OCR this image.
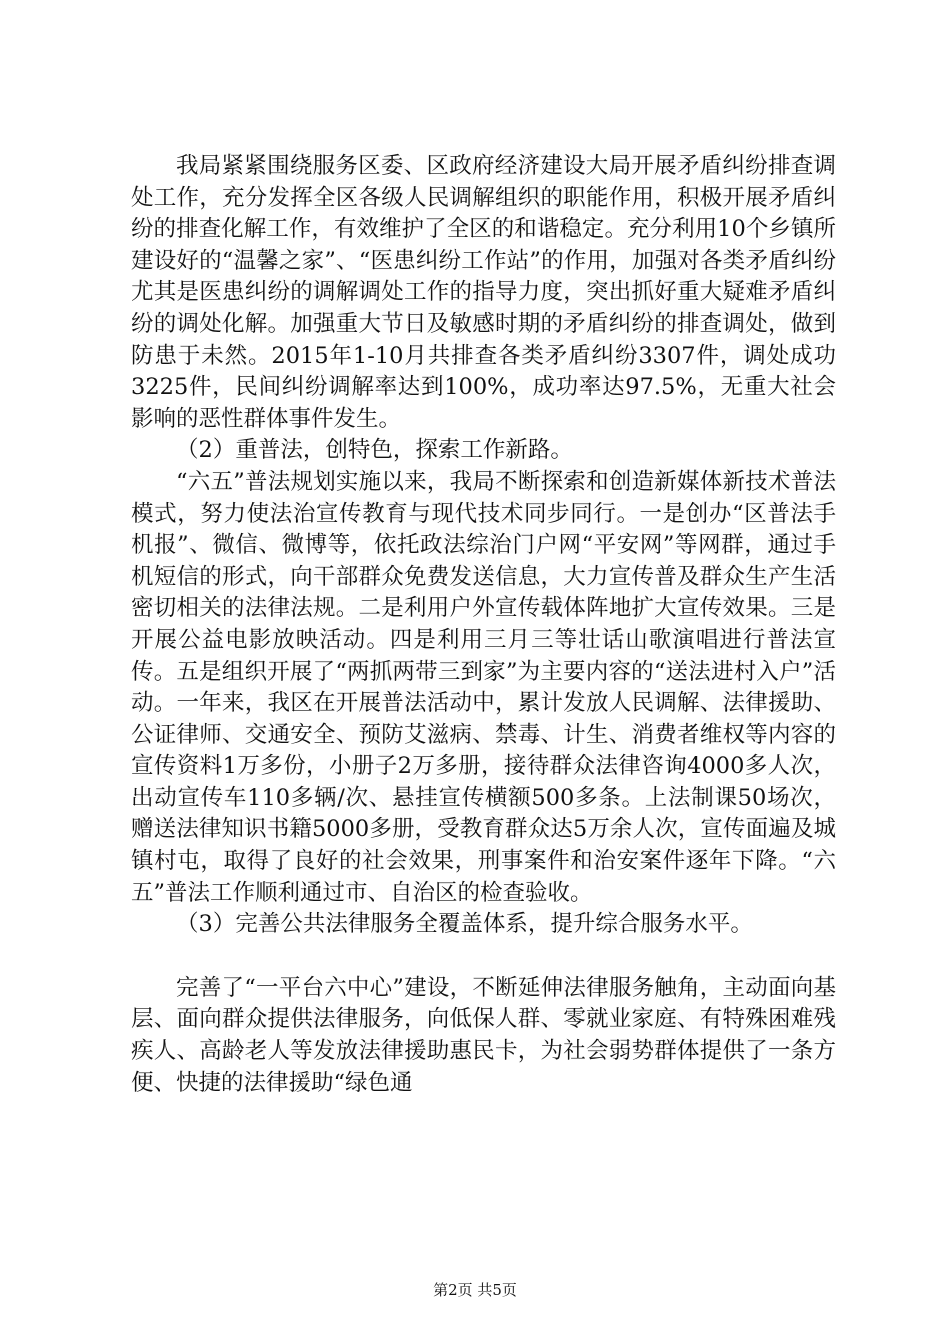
我局紧紧围绕服务区委、区政府经济建设大局开展矛盾纠纷排查调处工作，充分发挥全区各级人民调解组织的职能作用，积极开展矛盾纠纷的排查化解工作，有效维护了全区的和谐稳定。充分利用10个乡镇所建设好的“温馨之家”、“医患纠纷工作站”的作用，加强对各类矛盾纠纷尤其是医患纠纷的调解调处工作的指导力度，突出抓好重大疑难矛盾纠纷的调处化解。加强重大节日及敏感时期的矛盾纠纷的排查调处，做到防患于未然。2015年1-10月共排查各类矛盾纠纷3307件，调处成功3225件，民间纠纷调解率达到100%，成功率达97.5%，无重大社会影响的恶性群体事件发生。

（2）重普法，创特色，探索工作新路。

“六五”普法规划实施以来，我局不断探索和创造新媒体新技术普法模式，努力使法治宣传教育与现代技术同步同行。一是创办“区普法手机报”、微信、微博等，依托政法综治门户网“平安网”等网群，通过手机短信的形式，向干部群众免费发送信息，大力宣传普及群众生产生活密切相关的法律法规。二是利用户外宣传载体阵地扩大宣传效果。三是开展公益电影放映活动。四是利用三月三等壮话山歌演唱进行普法宣传。五是组织开展了“两抓两带三到家”为主要内容的“送法进村入户”活动。一年来，我区在开展普法活动中，累计发放人民调解、法律援助、公证律师、交通安全、预防艾滋病、禁毒、计生、消费者维权等内容的宣传资料1万多份，小册子2万多册，接待群众法律咨询4000多人次，出动宣传车110多辆/次、悬挂宣传横额500多条。上法制课50场次，赠送法律知识书籍5000多册，受教育群众达5万余人次，宣传面遍及城镇村屯，取得了良好的社会效果，刑事案件和治安案件逐年下降。“六五”普法工作顺利通过市、自治区的检查验收。

（3）完善公共法律服务全覆盖体系，提升综合服务水平。

完善了“一平台六中心”建设，不断延伸法律服务触角，主动面向基层、面向群众提供法律服务，向低保人群、零就业家庭、有特殊困难残疾人、高龄老人等发放法律援助惠民卡，为社会弱势群体提供了一条方便、快捷的法律援助“绿色通

第2页 共5页
